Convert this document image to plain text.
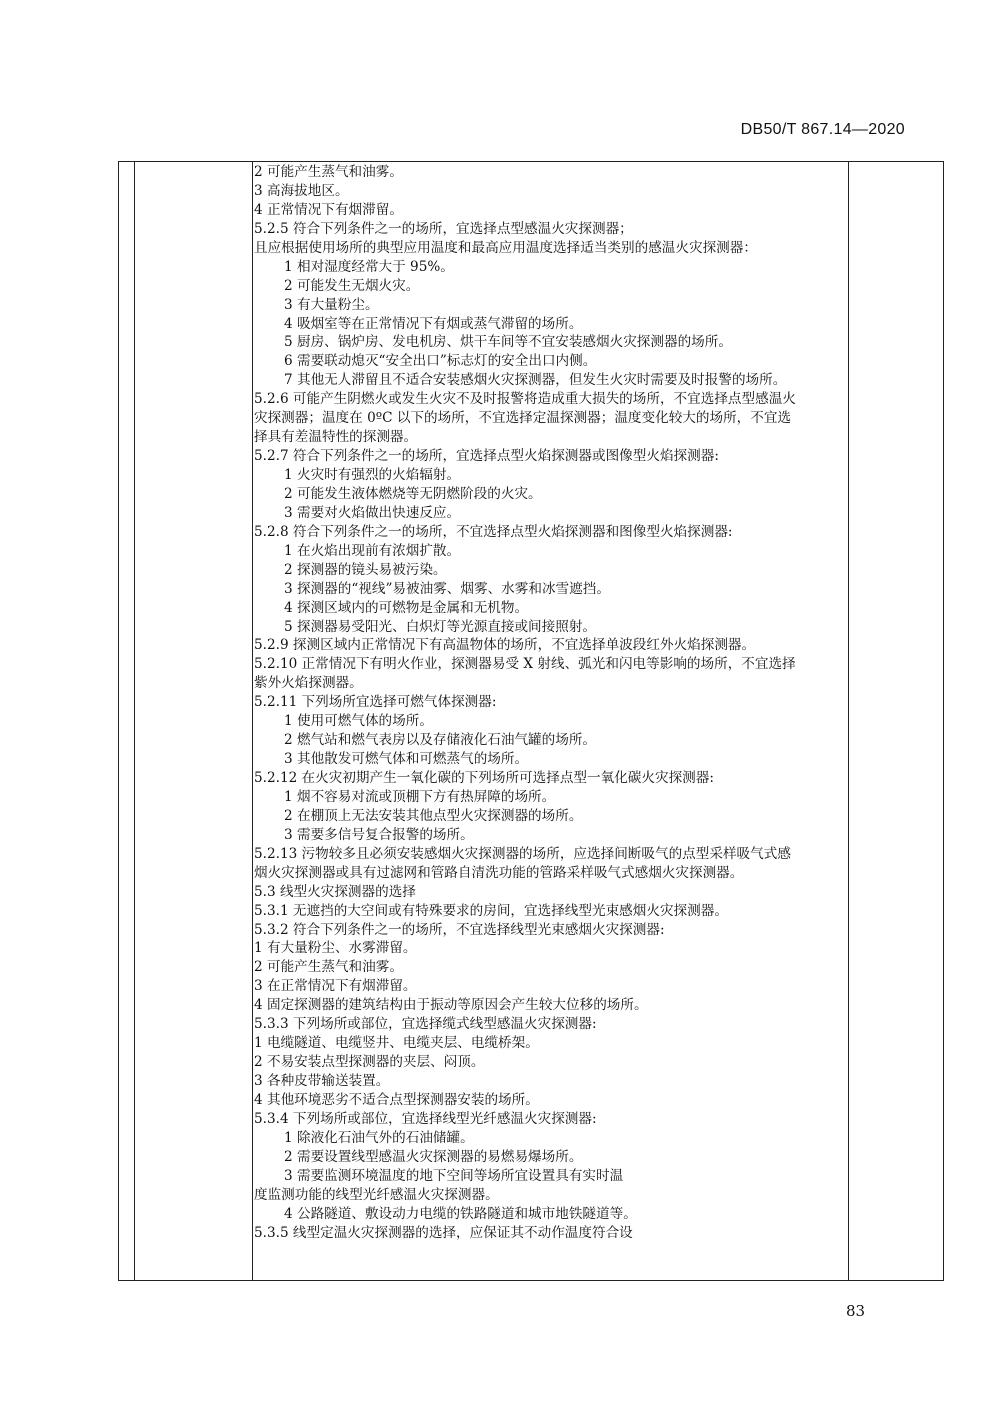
DB50/T 867.14—2020
2 可能产生蒸气和油雾。
3 高海拔地区。
4 正常情况下有烟滞留。
5.2.5 符合下列条件之一的场所，宜选择点型感温火灾探测器；
且应根据使用场所的典型应用温度和最高应用温度选择适当类别的感温火灾探测器：
1 相对湿度经常大于 95%。
2 可能发生无烟火灾。
3 有大量粉尘。
4 吸烟室等在正常情况下有烟或蒸气滞留的场所。
5 厨房、锅炉房、发电机房、烘干车间等不宜安装感烟火灾探测器的场所。
6 需要联动熄灭“安全出口”标志灯的安全出口内侧。
7 其他无人滞留且不适合安装感烟火灾探测器，但发生火灾时需要及时报警的场所。
5.2.6 可能产生阴燃火或发生火灾不及时报警将造成重大损失的场所，不宜选择点型感温火
灾探测器；温度在 0ºC 以下的场所，不宜选择定温探测器；温度变化较大的场所，不宜选
择具有差温特性的探测器。
5.2.7 符合下列条件之一的场所，宜选择点型火焰探测器或图像型火焰探测器:
1 火灾时有强烈的火焰辐射。
2 可能发生液体燃烧等无阴燃阶段的火灾。
3 需要对火焰做出快速反应。
5.2.8 符合下列条件之一的场所，不宜选择点型火焰探测器和图像型火焰探测器:
1 在火焰出现前有浓烟扩散。
2 探测器的镜头易被污染。
3 探测器的“视线”易被油雾、烟雾、水雾和冰雪遮挡。
4 探测区域内的可燃物是金属和无机物。
5 探测器易受阳光、白炽灯等光源直接或间接照射。
5.2.9 探测区域内正常情况下有高温物体的场所，不宜选择单波段红外火焰探测器。
5.2.10 正常情况下有明火作业，探测器易受 X 射线、弧光和闪电等影响的场所，不宜选择
紫外火焰探测器。
5.2.11 下列场所宜选择可燃气体探测器:
1 使用可燃气体的场所。
2 燃气站和燃气表房以及存储液化石油气罐的场所。
3 其他散发可燃气体和可燃蒸气的场所。
5.2.12 在火灾初期产生一氧化碳的下列场所可选择点型一氧化碳火灾探测器:
1 烟不容易对流或顶棚下方有热屏障的场所。
2 在棚顶上无法安装其他点型火灾探测器的场所。
3 需要多信号复合报警的场所。
5.2.13 污物较多且必须安装感烟火灾探测器的场所，应选择间断吸气的点型采样吸气式感
烟火灾探测器或具有过滤网和管路自清洗功能的管路采样吸气式感烟火灾探测器。
5.3 线型火灾探测器的选择
5.3.1 无遮挡的大空间或有特殊要求的房间，宜选择线型光束感烟火灾探测器。
5.3.2 符合下列条件之一的场所，不宜选择线型光束感烟火灾探测器:
1 有大量粉尘、水雾滞留。
2 可能产生蒸气和油雾。
3 在正常情况下有烟滞留。
4 固定探测器的建筑结构由于振动等原因会产生较大位移的场所。
5.3.3 下列场所或部位，宜选择缆式线型感温火灾探测器:
1 电缆隧道、电缆竖井、电缆夹层、电缆桥架。
2 不易安装点型探测器的夹层、闷顶。
3 各种皮带输送装置。
4 其他环境恶劣不适合点型探测器安装的场所。
5.3.4 下列场所或部位，宜选择线型光纤感温火灾探测器:
1 除液化石油气外的石油储罐。
2 需要设置线型感温火灾探测器的易燃易爆场所。
3 需要监测环境温度的地下空间等场所宜设置具有实时温
度监测功能的线型光纤感温火灾探测器。
4 公路隧道、敷设动力电缆的铁路隧道和城市地铁隧道等。
5.3.5 线型定温火灾探测器的选择，应保证其不动作温度符合设
83
